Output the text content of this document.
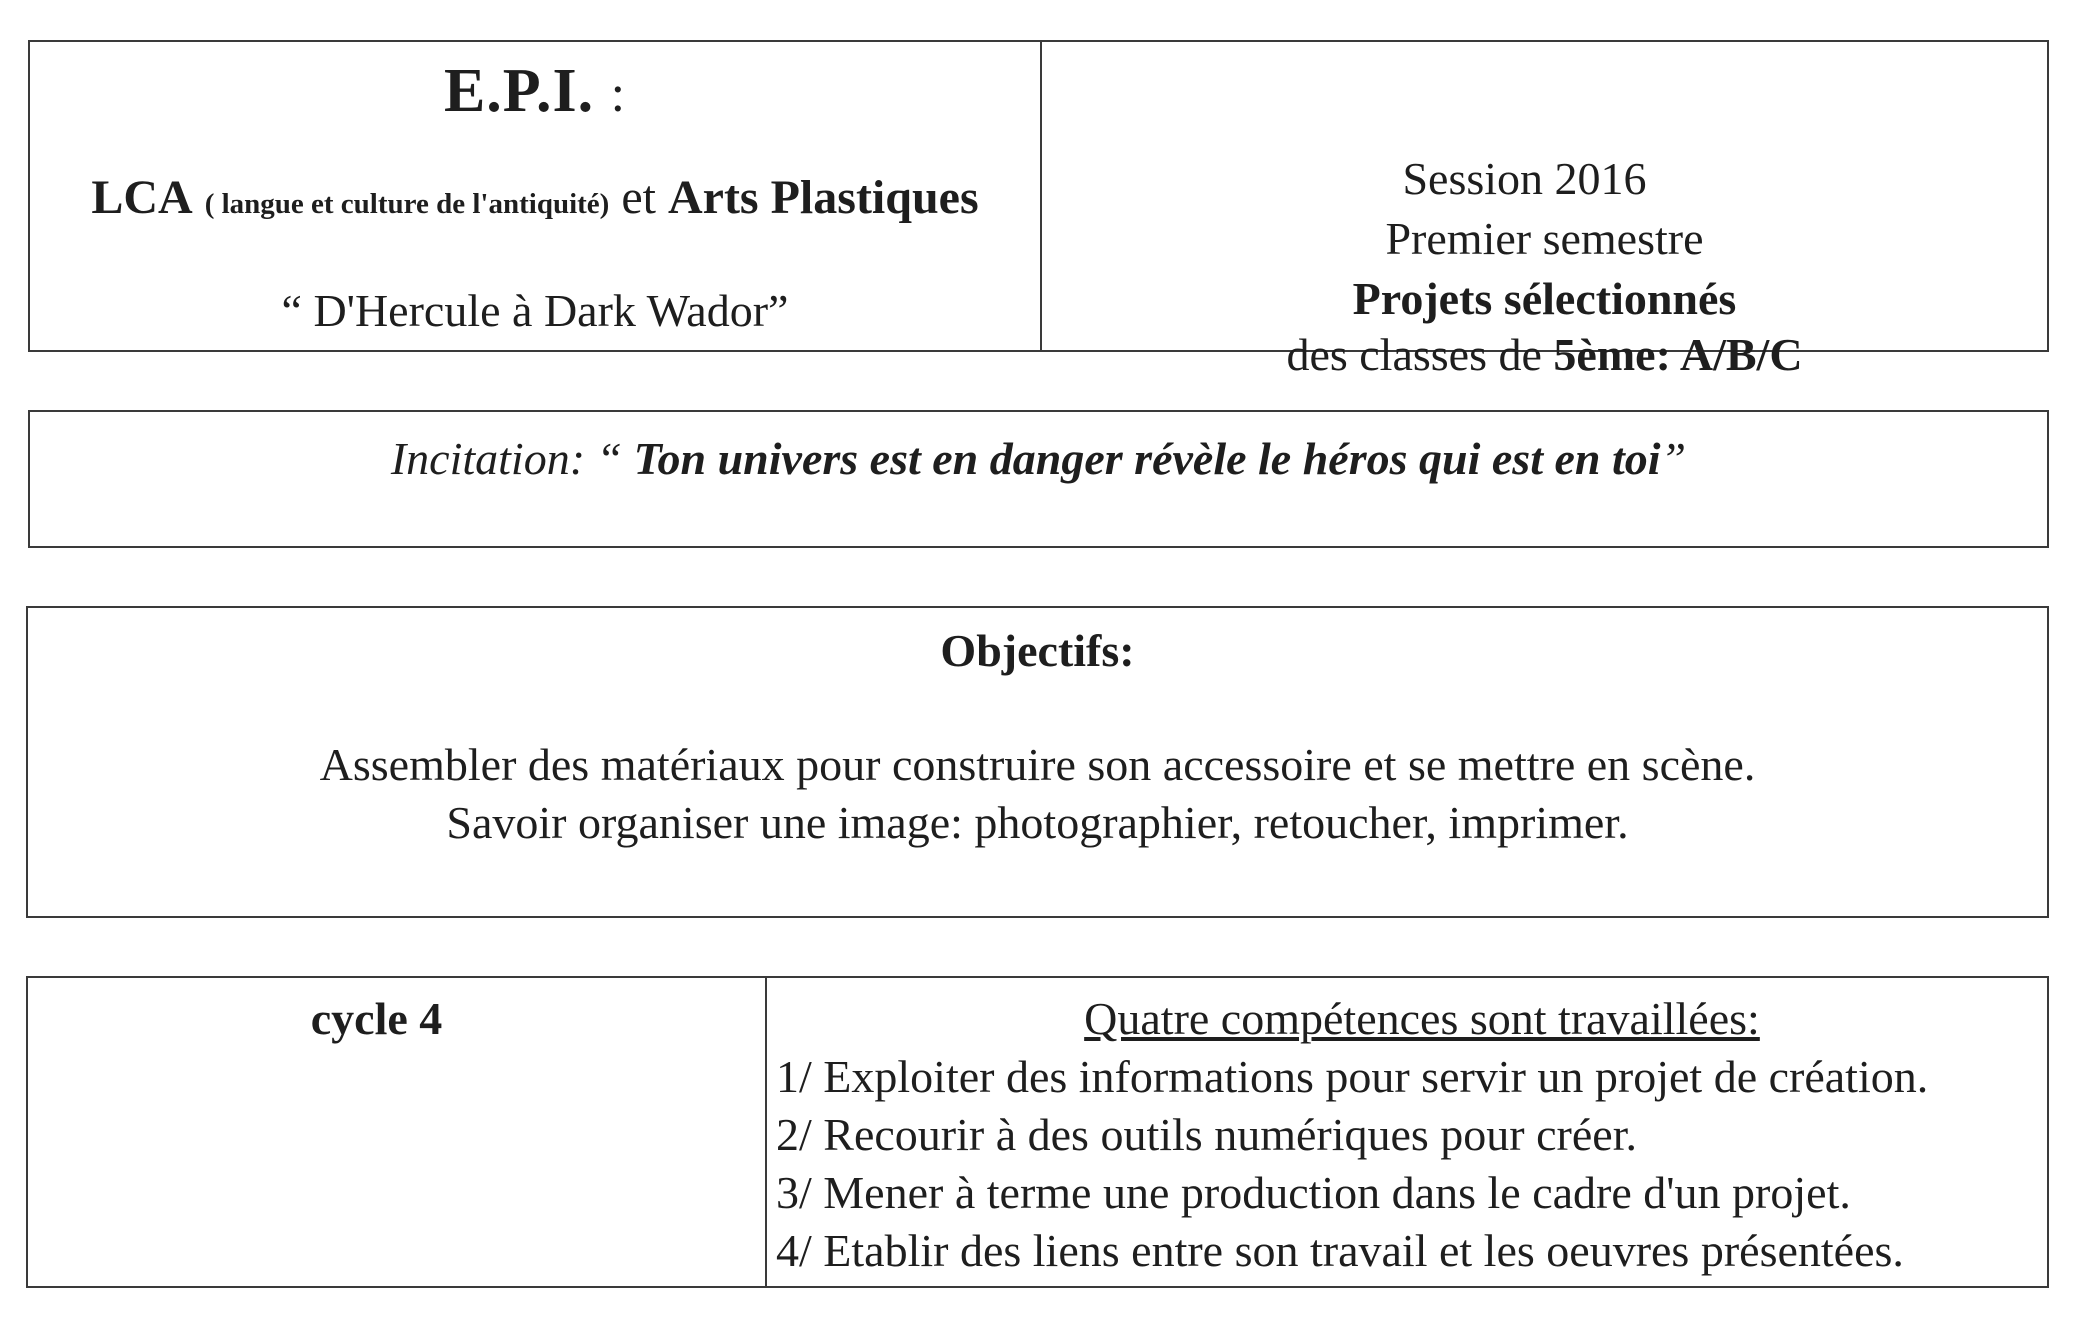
E.P.I. :
LCA ( langue et culture de l'antiquité) et Arts Plastiques
“ D'Hercule à Dark Wador”
Session 2016
Premier semestre
Projets sélectionnés
des classes de 5ème: A/B/C
Incitation: “ Ton univers est en danger révèle le héros qui est en toi”
Objectifs:
Assembler des matériaux pour construire son accessoire et se mettre en scène.
Savoir organiser une image: photographier, retoucher, imprimer.
cycle 4	Quatre compétences sont travaillées:
1/ Exploiter des informations pour servir un projet de création.
2/ Recourir à des outils numériques pour créer.
3/ Mener à terme une production dans le cadre d'un projet.
4/ Etablir des liens entre son travail et les oeuvres présentées.
